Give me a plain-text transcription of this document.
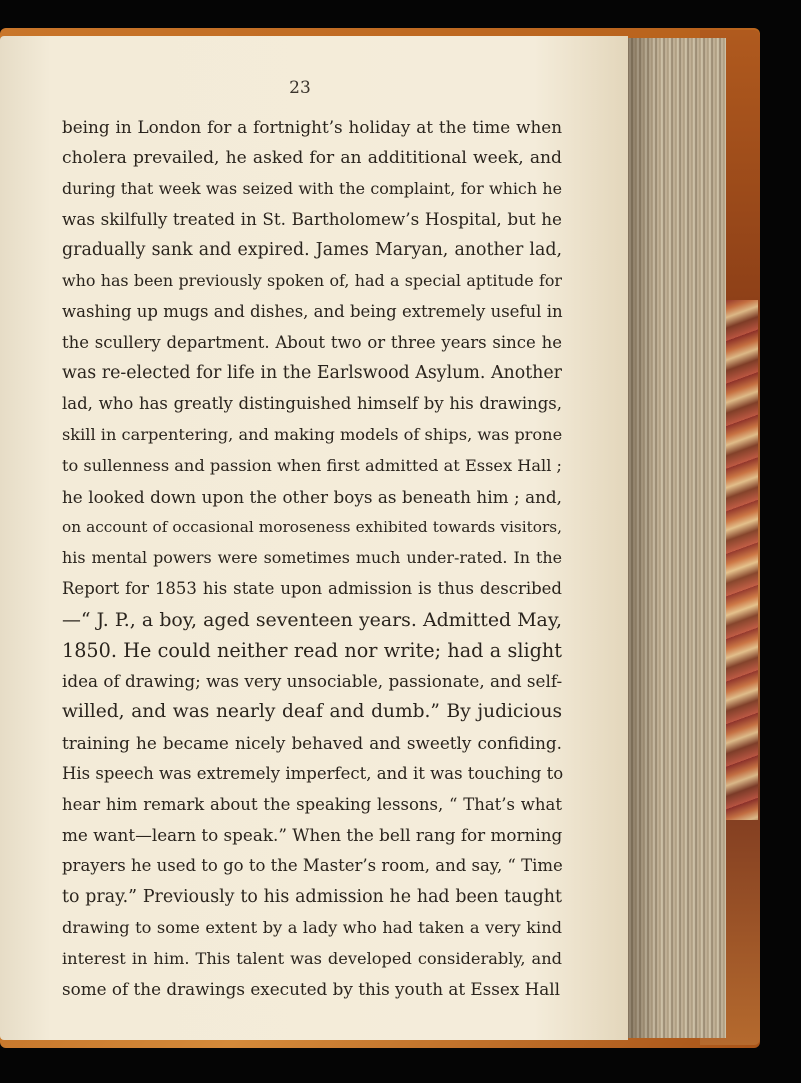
23
being in London for a fortnight’s holiday at the time when
cholera prevailed, he asked for an addititional week, and
during that week was seized with the complaint, for which he
was skilfully treated in St. Bartholomew’s Hospital, but he
gradually sank and expired. James Maryan, another lad,
who has been previously spoken of, had a special aptitude for
washing up mugs and dishes, and being extremely useful in
the scullery department. About two or three years since he
was re-elected for life in the Earlswood Asylum. Another
lad, who has greatly distinguished himself by his drawings,
skill in carpentering, and making models of ships, was prone
to sullenness and passion when first admitted at Essex Hall ;
he looked down upon the other boys as beneath him ; and,
on account of occasional moroseness exhibited towards visitors,
his mental powers were sometimes much under-rated. In the
Report for 1853 his state upon admission is thus described
—“ J. P., a boy, aged seventeen years. Admitted May,
1850. He could neither read nor write; had a slight
idea of drawing; was very unsociable, passionate, and self-
willed, and was nearly deaf and dumb.” By judicious
training he became nicely behaved and sweetly confiding.
His speech was extremely imperfect, and it was touching to
hear him remark about the speaking lessons, “ That’s what
me want—learn to speak.” When the bell rang for morning
prayers he used to go to the Master’s room, and say, “ Time
to pray.” Previously to his admission he had been taught
drawing to some extent by a lady who had taken a very kind
interest in him. This talent was developed considerably, and
some of the drawings executed by this youth at Essex Hall
